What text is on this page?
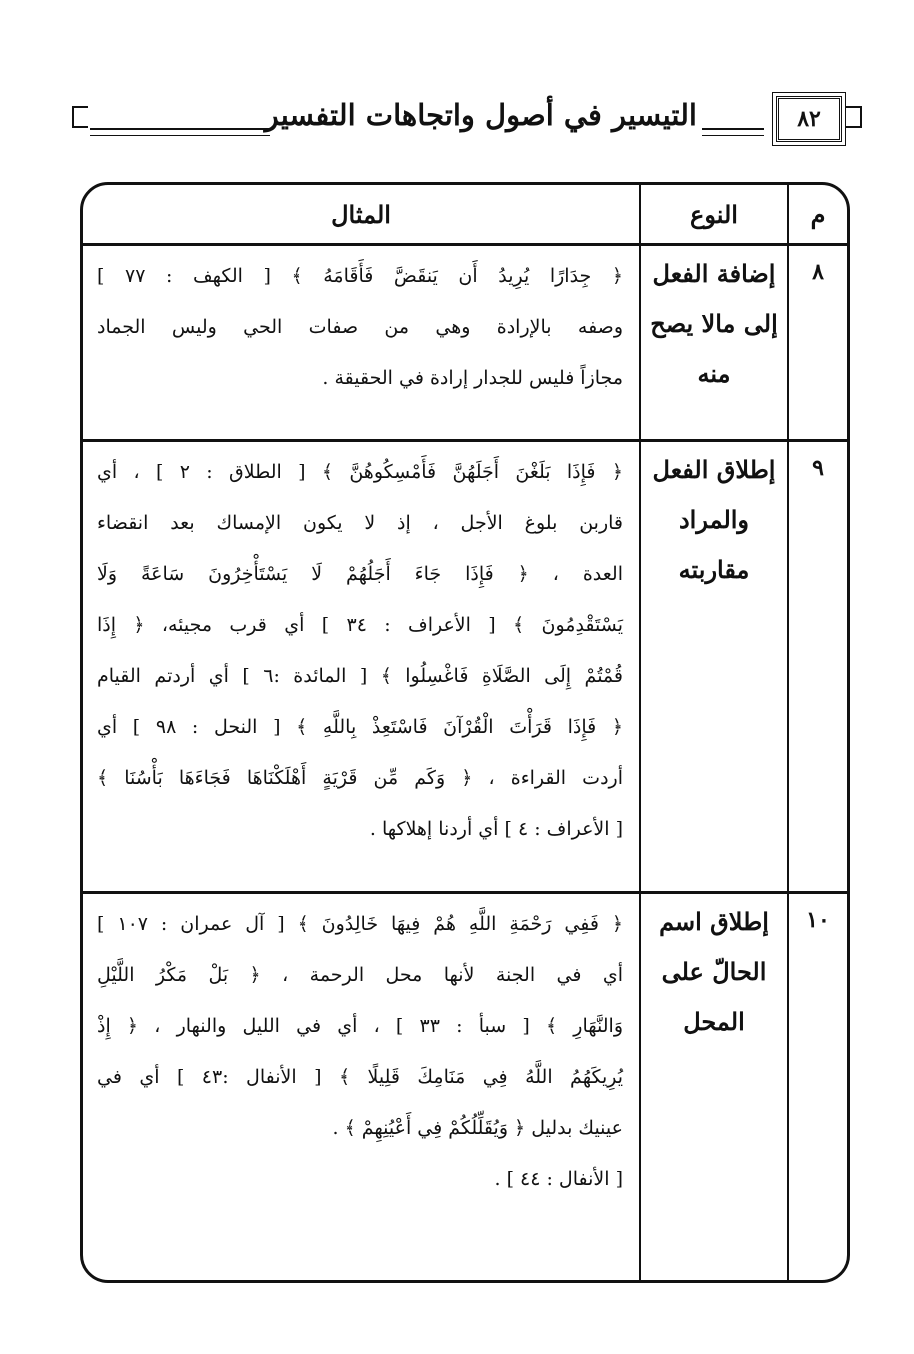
٨٢
التيسير في أصول واتجاهات التفسير
م
النوع
المثال
٨
إضافة الفعل
إلى مالا يصح
منه
﴿ جِدَارًا يُرِيدُ أَن يَنقَضَّ فَأَقَامَهُ ﴾ [ الكهف : ٧٧ ]
وصفه بالإرادة وهي من صفات الحي وليس الجماد
مجازاً فليس للجدار إرادة في الحقيقة .
٩
إطلاق الفعل
والمراد
مقاربته
﴿ فَإِذَا بَلَغْنَ أَجَلَهُنَّ فَأَمْسِكُوهُنَّ ﴾ [ الطلاق : ٢ ] ، أي
قاربن بلوغ الأجل ، إذ لا يكون الإمساك بعد انقضاء
العدة ، ﴿ فَإِذَا جَاءَ أَجَلُهُمْ لَا يَسْتَأْخِرُونَ سَاعَةً وَلَا
يَسْتَقْدِمُونَ ﴾ [ الأعراف : ٣٤ ] أي قرب مجيئه، ﴿ إِذَا
قُمْتُمْ إِلَى الصَّلَاةِ فَاغْسِلُوا ﴾ [ المائدة :٦ ] أي أردتم القيام
﴿ فَإِذَا قَرَأْتَ الْقُرْآنَ فَاسْتَعِذْ بِاللَّهِ ﴾ [ النحل : ٩٨ ] أي
أردت القراءة ، ﴿ وَكَم مِّن قَرْيَةٍ أَهْلَكْنَاهَا فَجَاءَهَا بَأْسُنَا ﴾
[ الأعراف : ٤ ] أي أردنا إهلاكها .
١٠
إطلاق اسم
الحالّ على
المحل
﴿ فَفِي رَحْمَةِ اللَّهِ هُمْ فِيهَا خَالِدُونَ ﴾ [ آل عمران : ١٠٧ ]
أي في الجنة لأنها محل الرحمة ، ﴿ بَلْ مَكْرُ اللَّيْلِ
وَالنَّهَارِ ﴾ [ سبأ : ٣٣ ] ، أي في الليل والنهار ، ﴿ إِذْ
يُرِيكَهُمُ اللَّهُ فِي مَنَامِكَ قَلِيلًا ﴾ [ الأنفال :٤٣ ] أي في
عينيك بدليل ﴿ وَيُقَلِّلُكُمْ فِي أَعْيُنِهِمْ ﴾ .
[ الأنفال : ٤٤ ] .
